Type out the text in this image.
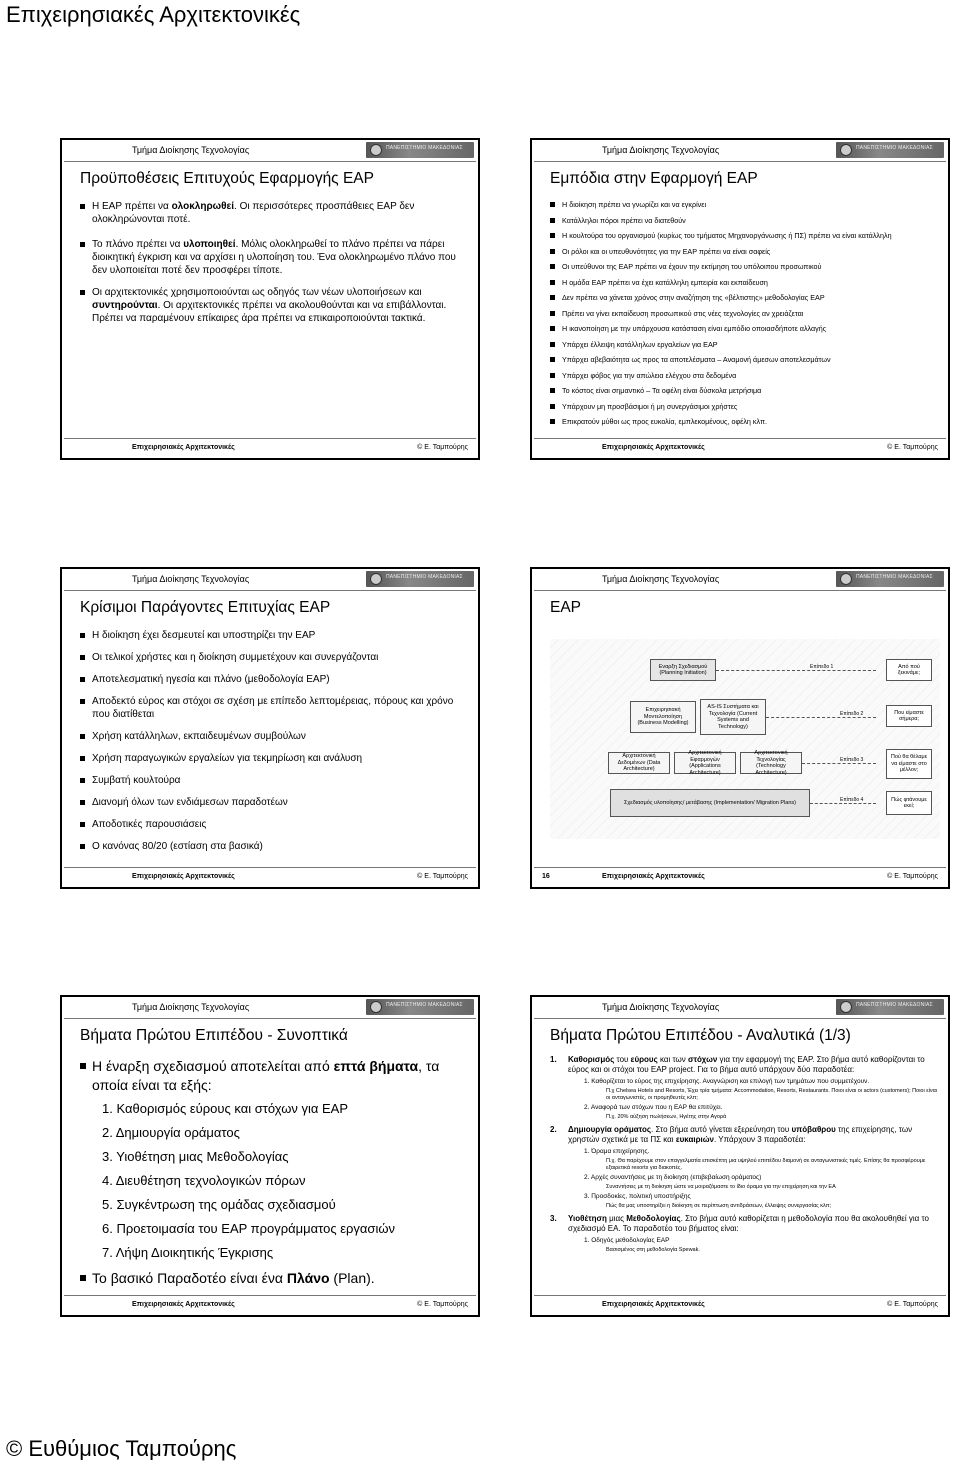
Επιχειρησιακές Αρχιτεκτονικές
Τμήμα Διοίκησης Τεχνολογίας	ΠΑΝΕΠΙΣΤΗΜΙΟ ΜΑΚΕΔΟΝΙΑΣ
Προϋποθέσεις Επιτυχούς Εφαρμογής ΕΑΡ
Η ΕΑΡ πρέπει να ολοκληρωθεί. Οι περισσότερες προσπάθειες ΕΑΡ δεν ολοκληρώνονται ποτέ.
Το πλάνο πρέπει να υλοποιηθεί. Μόλις ολοκληρωθεί το πλάνο πρέπει να πάρει διοικητική έγκριση και να αρχίσει η υλοποίηση του. Ένα ολοκληρωμένο πλάνο που δεν υλοποιείται ποτέ δεν προσφέρει τίποτε.
Οι αρχιτεκτονικές χρησιμοποιούνται ως οδηγός των νέων υλοποιήσεων και συντηρούνται. Οι αρχιτεκτονικές πρέπει να ακολουθούνται και να επιβάλλονται. Πρέπει να παραμένουν επίκαιρες άρα πρέπει να επικαιροποιούνται τακτικά.
Επιχειρησιακές Αρχιτεκτονικές	© Ε. Ταμπούρης
Τμήμα Διοίκησης Τεχνολογίας	ΠΑΝΕΠΙΣΤΗΜΙΟ ΜΑΚΕΔΟΝΙΑΣ
Εμπόδια στην Εφαρμογή ΕΑΡ
Η διοίκηση πρέπει να γνωρίζει και να εγκρίνει
Κατάλληλοι πόροι πρέπει να διατεθούν
Η κουλτούρα του οργανισμού (κυρίως του τμήματος Μηχανοργάνωσης ή ΠΣ) πρέπει να είναι κατάλληλη
Οι ρόλοι και οι υπευθυνότητες για την ΕΑΡ πρέπει να είναι σαφείς
Οι υπεύθυνοι της ΕΑΡ πρέπει να έχουν την εκτίμηση του υπόλοιπου προσωπικού
Η ομάδα ΕΑΡ πρέπει να έχει κατάλληλη εμπειρία και εκπαίδευση
Δεν πρέπει να χάνεται χρόνος στην αναζήτηση της «βέλτιστης» μεθοδολογίας ΕΑΡ
Πρέπει να γίνει εκπαίδευση προσωπικού στις νέες τεχνολογίες αν χρειάζεται
Η ικανοποίηση με την υπάρχουσα κατάσταση είναι εμπόδιο οποιασδήποτε αλλαγής
Υπάρχει έλλειψη κατάλληλων εργαλείων για ΕΑΡ
Υπάρχει αβεβαιότητα ως προς τα αποτελέσματα – Αναμονή άμεσων αποτελεσμάτων
Υπάρχει φόβος για την απώλεια ελέγχου στα δεδομένα
Το κόστος είναι σημαντικό – Τα οφέλη είναι δύσκολα μετρήσιμα
Υπάρχουν μη προσβάσιμοι ή μη συνεργάσιμοι χρήστες
Επικρατούν μύθοι ως προς ευκολία, εμπλεκομένους, οφέλη κλπ.
Επιχειρησιακές Αρχιτεκτονικές	© Ε. Ταμπούρης
Τμήμα Διοίκησης Τεχνολογίας	ΠΑΝΕΠΙΣΤΗΜΙΟ ΜΑΚΕΔΟΝΙΑΣ
Κρίσιμοι Παράγοντες Επιτυχίας ΕΑΡ
Η διοίκηση έχει δεσμευτεί και υποστηρίζει την ΕΑΡ
Οι τελικοί χρήστες και η διοίκηση συμμετέχουν και συνεργάζονται
Αποτελεσματική ηγεσία και πλάνο (μεθοδολογία ΕΑΡ)
Αποδεκτό εύρος και στόχοι σε σχέση με επίπεδο λεπτομέρειας, πόρους και χρόνο που διατίθεται
Χρήση κατάλληλων, εκπαιδευμένων συμβούλων
Χρήση παραγωγικών εργαλείων για τεκμηρίωση και ανάλυση
Συμβατή κουλτούρα
Διανομή όλων των ενδιάμεσων παραδοτέων
Αποδοτικές παρουσιάσεις
Ο κανόνας 80/20 (εστίαση στα βασικά)
Επιχειρησιακές Αρχιτεκτονικές	© Ε. Ταμπούρης
Τμήμα Διοίκησης Τεχνολογίας	ΠΑΝΕΠΙΣΤΗΜΙΟ ΜΑΚΕΔΟΝΙΑΣ
ΕΑΡ
Εναρξη Σχεδιασμού (Planning Initiation)
Επιχειρησιακή Μοντελοποίηση (Business Modelling)
AS-IS Συστήματα και Τεχνολογία (Current Systems and Technology)
Αρχιτεκτονική Δεδομένων (Data Architecture)
Αρχιτεκτονική Εφαρμογών (Applications Architecture)
Αρχιτεκτονική Τεχνολογίας (Technology Architecture)
Σχεδιασμός υλοποίησης/ μετάβασης (Implementation/ Migration Plans)
Επίπεδο 1
Επίπεδο 2
Επίπεδο 3
Επίπεδο 4
Από πού ξεκινάμε;
Που είμαστε σήμερα;
Πού θα θέλαμε να είμαστε στο μέλλον;
Πώς φτάνουμε εκεί;
16	Επιχειρησιακές Αρχιτεκτονικές	© Ε. Ταμπούρης
Τμήμα Διοίκησης Τεχνολογίας	ΠΑΝΕΠΙΣΤΗΜΙΟ ΜΑΚΕΔΟΝΙΑΣ
Βήματα Πρώτου Επιπέδου - Συνοπτικά
Η έναρξη σχεδιασμού αποτελείται από επτά βήματα, τα οποία είναι τα εξής:
1. Καθορισμός εύρους και στόχων για ΕΑΡ
2. Δημιουργία οράματος
3. Υιοθέτηση μιας Μεθοδολογίας
4. Διευθέτηση τεχνολογικών πόρων
5. Συγκέντρωση της ομάδας σχεδιασμού
6. Προετοιμασία του ΕΑΡ προγράμματος εργασιών
7. Λήψη Διοικητικής Έγκρισης
Το βασικό Παραδοτέο είναι ένα Πλάνο (Plan).
Επιχειρησιακές Αρχιτεκτονικές	© Ε. Ταμπούρης
Τμήμα Διοίκησης Τεχνολογίας	ΠΑΝΕΠΙΣΤΗΜΙΟ ΜΑΚΕΔΟΝΙΑΣ
Βήματα Πρώτου Επιπέδου - Αναλυτικά (1/3)
1. Καθορισμός του εύρους και των στόχων για την εφαρμογή της ΕΑΡ. Στο βήμα αυτό καθορίζονται το εύρος και οι στόχοι του ΕΑΡ project. Για το βήμα αυτό υπάρχουν δύο παραδοτέα:
1. Καθορίζεται το εύρος της επιχείρησης. Αναγνώριση και επιλογή των τμημάτων που συμμετέχουν.
Π.χ Chelsea Hotels and Resorts, Έχει τρία τμήματα: Accommodation, Resorts, Restaurants. Ποιοι είναι οι actors (customers); Ποιοι είναι οι ανταγωνιστές, οι προμηθευτές κλπ;
2. Αναφορά των στόχων που η ΕΑΡ θα επιτύχει.
Π.χ. 20% αύξηση πωλήσεων, Ηγέτης στην Αγορά
2. Δημιουργία οράματος. Στο βήμα αυτό γίνεται εξερεύνηση του υπόβαθρου της επιχείρησης, των χρηστών σχετικά με τα ΠΣ και ευκαιριών. Υπάρχουν 3 παραδοτέα:
1. Όραμα επιχείρησης.
Π.χ. Θα παρέχουμε στον επαγγελματία επισκέπτη μια υψηλού επιπέδου διαμονή σε ανταγωνιστικές τιμές. Επίσης θα προσφέρουμε εξαιρετικά resorts για διακοπές.
2. Αρχές συναντήσεις με τη διοίκηση (επιβεβαίωση οράματος)
Συναντήσεις με τη διοίκηση ώστε να μοιραζόμαστε το ίδιο όραμα για την επιχείρηση και την ΕΑ
3. Προσδοκίες, πολιτική υποστήριξης
Πώς θα μας υποστηρίξει η διοίκηση σε περίπτωση αντιδράσεων, έλλειψης συνεργασίας κλπ;
3. Υιοθέτηση μιας Μεθοδολογίας. Στο βήμα αυτό καθορίζεται η μεθοδολογία που θα ακολουθηθεί για το σχεδιασμό ΕΑ. Το παραδοτέο του βήματος είναι:
1. Οδηγός μεθοδολογίας ΕΑΡ
Βασισμένος στη μεθοδολογία Spewak.
Επιχειρησιακές Αρχιτεκτονικές	© Ε. Ταμπούρης
© Ευθύμιος Ταμπούρης
